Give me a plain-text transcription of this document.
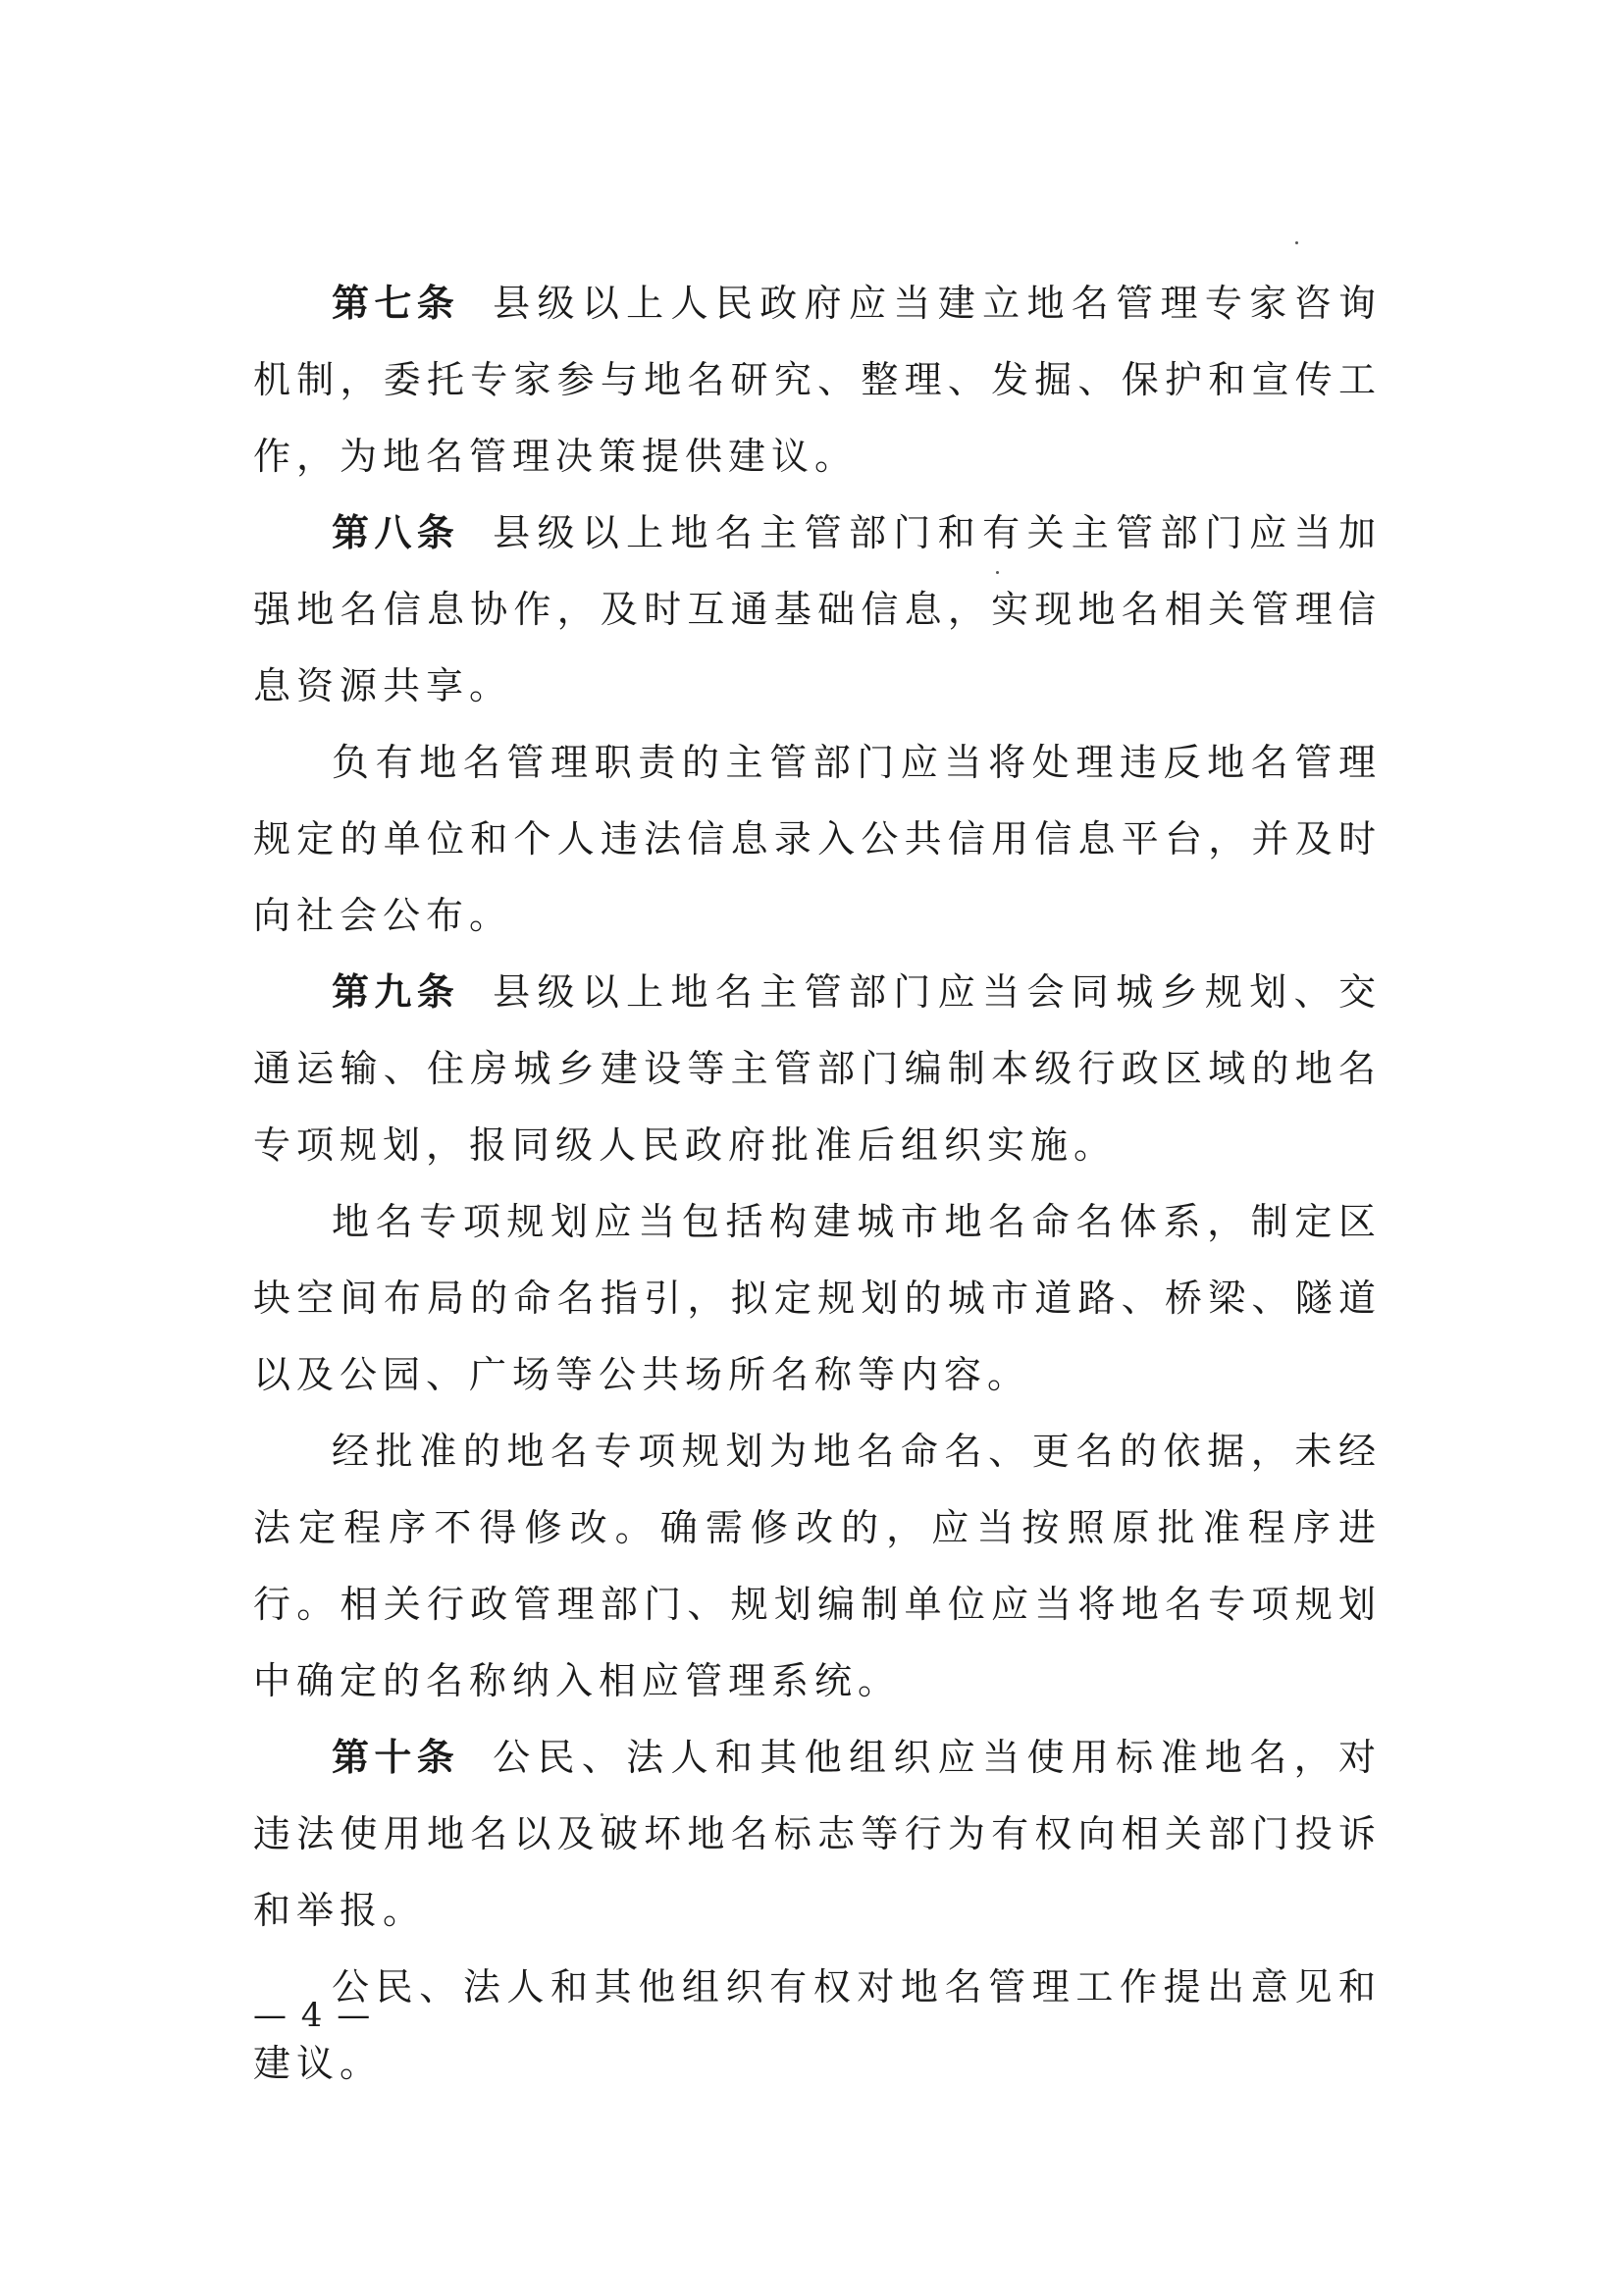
第七条 县级以上人民政府应当建立地名管理专家咨询机制，委托专家参与地名研究、整理、发掘、保护和宣传工作，为地名管理决策提供建议。

第八条 县级以上地名主管部门和有关主管部门应当加强地名信息协作，及时互通基础信息，实现地名相关管理信息资源共享。

负有地名管理职责的主管部门应当将处理违反地名管理规定的单位和个人违法信息录入公共信用信息平台，并及时向社会公布。

第九条 县级以上地名主管部门应当会同城乡规划、交通运输、住房城乡建设等主管部门编制本级行政区域的地名专项规划，报同级人民政府批准后组织实施。

地名专项规划应当包括构建城市地名命名体系，制定区块空间布局的命名指引，拟定规划的城市道路、桥梁、隧道以及公园、广场等公共场所名称等内容。

经批准的地名专项规划为地名命名、更名的依据，未经法定程序不得修改。确需修改的，应当按照原批准程序进行。相关行政管理部门、规划编制单位应当将地名专项规划中确定的名称纳入相应管理系统。

第十条 公民、法人和其他组织应当使用标准地名，对违法使用地名以及破坏地名标志等行为有权向相关部门投诉和举报。

公民、法人和其他组织有权对地名管理工作提出意见和建议。

— 4 —
